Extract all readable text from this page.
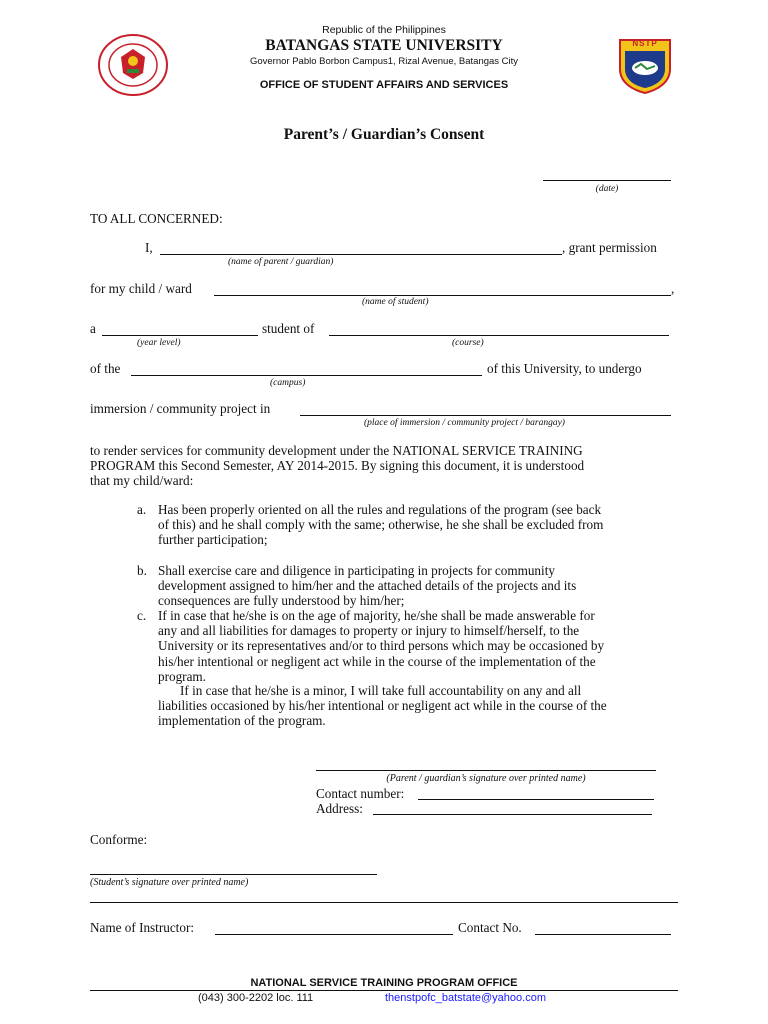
Republic of the Philippines
BATANGAS STATE UNIVERSITY
Governor Pablo Borbon Campus1, Rizal Avenue, Batangas City
OFFICE OF STUDENT AFFAIRS AND SERVICES
NSTP
Parent’s / Guardian’s Consent
(date)
TO ALL CONCERNED:
I,	, grant permission
(name of parent / guardian)
for my child / ward	,
(name of student)
a	student of
(year level)	(course)
of the	of this University, to undergo
(campus)
immersion / community project in
(place of immersion / community project / barangay)
to render services for community development under the NATIONAL SERVICE TRAINING
PROGRAM this Second Semester, AY 2014-2015. By signing this document, it is understood
that my child/ward:
a. Has been properly oriented on all the rules and regulations of the program (see back
of this) and he shall comply with the same; otherwise, he she shall be excluded from
further participation;
b. Shall exercise care and diligence in participating in projects for community
development assigned to him/her and the attached details of the projects and its
consequences are fully understood by him/her;
c. If in case that he/she is on the age of majority, he/she shall be made answerable for
any and all liabilities for damages to property or injury to himself/herself, to the
University or its representatives and/or to third persons which may be occasioned by
his/her intentional or negligent act while in the course of the implementation of the
program.
If in case that he/she is a minor, I will take full accountability on any and all
liabilities occasioned by his/her intentional or negligent act while in the course of the
implementation of the program.
(Parent / guardian’s signature over printed name)
Contact number:
Address:
Conforme:
(Student’s signature over printed name)
Name of Instructor:	Contact No.
NATIONAL SERVICE TRAINING PROGRAM OFFICE
(043) 300-2202 loc. 111	thenstpofc_batstate@yahoo.com
